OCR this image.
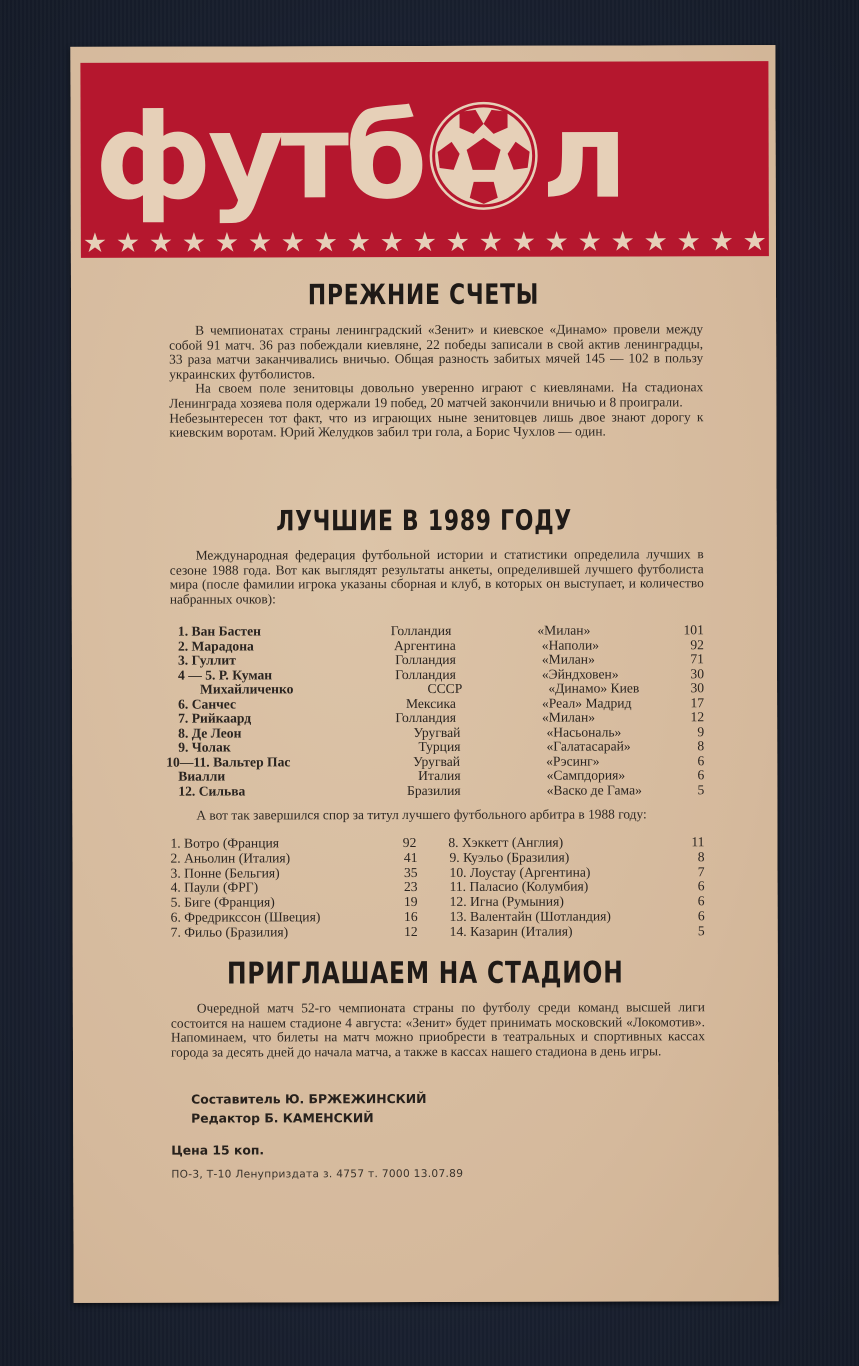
футб л
★ ★ ★ ★ ★ ★ ★ ★ ★ ★ ★ ★ ★ ★ ★ ★ ★ ★ ★ ★ ★
ПРЕЖНИЕ СЧЕТЫ

В чемпионатах страны ленинградский «Зенит» и киевское «Динамо» провели между собой 91 матч. 36 раз побеждали киевляне, 22 победы записали в свой актив ленинградцы, 33 раза матчи заканчивались вничью. Общая разность забитых мячей 145 — 102 в пользу украинских футболистов.

На своем поле зенитовцы довольно уверенно играют с киевлянами. На стадионах Ленинграда хозяева поля одержали 19 побед, 20 матчей закончили вничью и 8 проиграли.

Небезынтересен тот факт, что из играющих ныне зенитовцев лишь двое знают дорогу к киевским воротам. Юрий Желудков забил три гола, а Борис Чухлов — один.

ЛУЧШИЕ В 1989 ГОДУ

Международная федерация футбольной истории и статистики определила лучших в сезоне 1988 года. Вот как выглядят результаты анкеты, определившей лучшего футболиста мира (после фамилии игрока указаны сборная и клуб, в которых он выступает, и количество набранных очков):

1. Ван Бастен	Голландия	«Милан»	101
2. Марадона	Аргентина	«Наполи»	92
3. Гуллит	Голландия	«Милан»	71
4 — 5. Р. Куман	Голландия	«Эйндховен»	30
Михайличенко	СССР	«Динамо» Киев	30
6. Санчес	Мексика	«Реал» Мадрид	17
7. Рийкаард	Голландия	«Милан»	12
8. Де Леон	Уругвай	«Насьональ»	9
9. Чолак	Турция	«Галатасарай»	8
10—11. Вальтер Пас	Уругвай	«Рэсинг»	6
Виалли	Италия	«Сампдория»	6
12. Сильва	Бразилия	«Васко де Гама»	5

А вот так завершился спор за титул лучшего футбольного арбитра в 1988 году:

1. Вотро (Франция	92	8. Хэккетт (Англия)	11
2. Аньолин (Италия)	41	9. Куэльо (Бразилия)	8
3. Понне (Бельгия)	35	10. Лоустау (Аргентина)	7
4. Паули (ФРГ)	23	11. Паласио (Колумбия)	6
5. Биге (Франция)	19	12. Игна (Румыния)	6
6. Фредрикссон (Швеция)	16	13. Валентайн (Шотландия)	6
7. Фильо (Бразилия)	12	14. Казарин (Италия)	5
ПРИГЛАШАЕМ НА СТАДИОН

Очередной матч 52-го чемпионата страны по футболу среди команд высшей лиги состоится на нашем стадионе 4 августа: «Зенит» будет принимать московский «Локомотив». Напоминаем, что билеты на матч можно приобрести в театральных и спортивных кассах города за десять дней до начала матча, а также в кассах нашего стадиона в день игры.

Составитель Ю. БРЖЕЖИНСКИЙ
Редактор Б. КАМЕНСКИЙ
Цена 15 коп.
ПО-3, Т-10 Ленуприздата з. 4757 т. 7000 13.07.89
